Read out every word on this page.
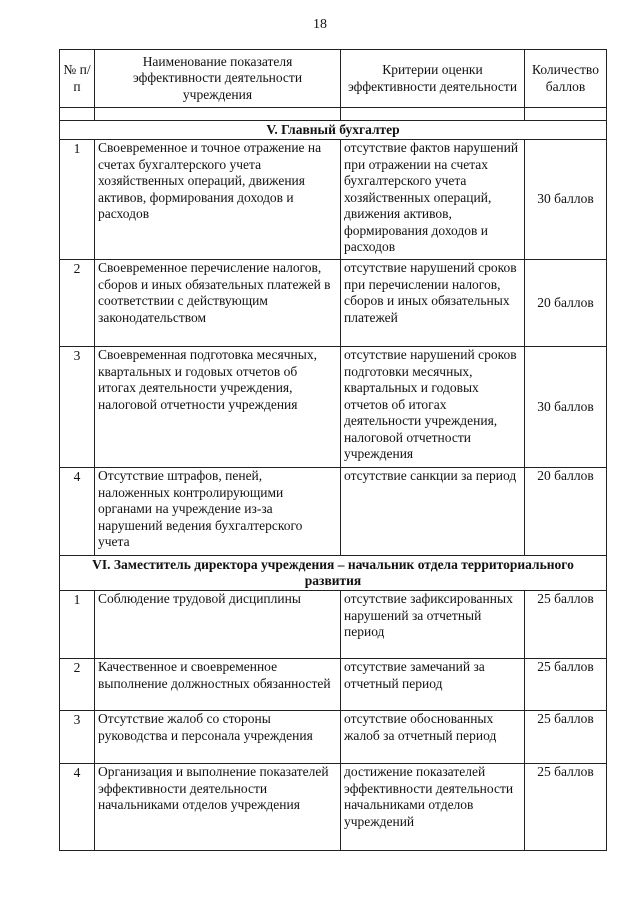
18
№ п/п	Наименование показателя эффективности деятельности учреждения	Критерии оценки эффективности деятельности	Количество баллов

V. Главный бухгалтер			
1	Своевременное и точное отражение на счетах бухгалтерского учета хозяйственных операций, движения активов, формирования доходов и расходов	отсутствие фактов нарушений при отражении на счетах бухгалтерского учета хозяйственных операций, движения активов, формирования доходов и расходов	30 баллов
2	Своевременное перечисление налогов, сборов и иных обязательных платежей в соответствии с действующим законодательством	отсутствие нарушений сроков при перечислении налогов, сборов и иных обязательных платежей	20 баллов
3	Своевременная подготовка месячных, квартальных и годовых отчетов об итогах деятельности учреждения, налоговой отчетности учреждения	отсутствие нарушений сроков подготовки месячных, квартальных и годовых отчетов об итогах деятельности учреждения, налоговой отчетности учреждения	30 баллов
4	Отсутствие штрафов, пеней, наложенных контролирующими органами на учреждение из-за нарушений ведения бухгалтерского учета	отсутствие санкции за период	20 баллов
VI. Заместитель директора учреждения – начальник отдела территориального развития			
1	Соблюдение трудовой дисциплины	отсутствие зафиксированных нарушений за отчетный период	25 баллов
2	Качественное и своевременное выполнение должностных обязанностей	отсутствие замечаний за отчетный период	25 баллов
3	Отсутствие жалоб со стороны руководства и персонала учреждения	отсутствие обоснованных жалоб за отчетный период	25 баллов
4	Организация и выполнение показателей эффективности деятельности начальниками отделов учреждения	достижение показателей эффективности деятельности начальниками отделов учреждений	25 баллов
